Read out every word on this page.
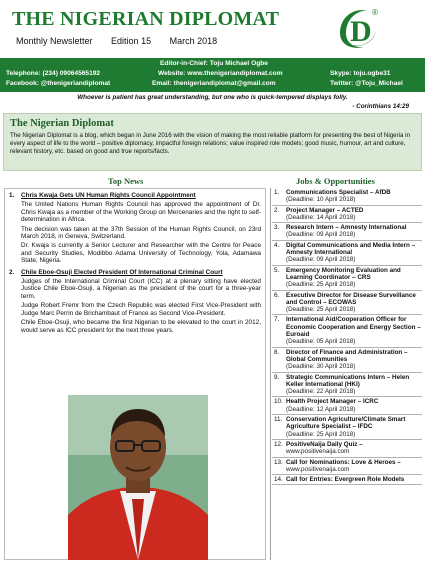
THE NIGERIAN DIPLOMAT
Monthly Newsletter Edition 15 March 2018	D
®
Editor-in-Chief: Toju Michael Ogbe
Telephone: (234) 09064565192	Website: www.thenigeriandiplomat.com	Skype: toju.ogbe31
Facebook: @thenigeriandiplomat	Email: thenigeriandiplomat@gmail.com	Twitter: @Toju_Michael
Whoever is patient has great understanding, but one who is quick-tempered displays folly.
- Corinthians 14:29
The Nigerian Diplomat
The Nigerian Diplomat is a blog, which began in June 2016 with the vision of making the most reliable platform for presenting the best of Nigeria in every aspect of life to the world – positive diplomacy, impactful foreign relations; value inspired role models; good music, humour, art and culture, relevant history, etc. based on good and true reports/facts.
Top News	Jobs & Opportunities
1. Chris Kwaja Gets UN Human Rights Council Appointment
The United Nations Human Rights Council has approved the appointment of Dr. Chris Kwaja as a member of the Working Group on Mercenaries and the right to self-determination in Africa.
The decision was taken at the 37th Session of the Human Rights Council, on 23rd March 2018, in Geneva, Switzerland.
Dr. Kwaja is currently a Senior Lecturer and Researcher with the Centre for Peace and Security Studies, Modibbo Adama University of Technology, Yola, Adamawa State, Nigeria.
2. Chile Eboe-Osuji Elected President Of International Criminal Court
Judges of the International Criminal Court (ICC) at a plenary sitting have elected Justice Chile Eboe-Osuji, a Nigerian as the president of the court for a three-year term.
Judge Robert Fremr from the Czech Republic was elected First Vice-President with Judge Marc Perrin de Brichambaut of France as Second Vice-President.
Chile Eboe-Osuji, who became the first Nigerian to be elevated to the court in 2012, would serve as ICC president for the next three years.
1. Communications Specialist – AfDB
(Deadline: 10 April 2018)
2. Project Manager – ACTED
(Deadline: 14 April 2018)
3. Research Intern – Amnesty International
(Deadline: 09 April 2018)
4. Digital Communications and Media Intern – Amnesty International
(Deadline: 09 April 2018)
5. Emergency Monitoring Evaluation and Learning Coordinator – CRS
(Deadline: 25 April 2018)
6. Executive Director for Disease Surveillance and Control – ECOWAS
(Deadline: 25 April 2018)
7. International Aid/Cooperation Officer for Economic Cooperation and Energy Section – Euroaid
(Deadline: 05 April 2018)
8. Director of Finance and Administration – Global Communities
(Deadline: 30 April 2018)
9. Strategic Communications Intern – Helen Keller International (HKI)
(Deadline: 22 April 2018)
10. Health Project Manager – ICRC
(Deadline: 12 April 2018)
11. Conservation Agriculture/Climate Smart Agriculture Specialist – IFDC
(Deadline: 25 April 2018)
12. PositiveNaija Daily Quiz –
www.positivenaija.com
13. Call for Nominations: Love & Heroes –
www.positivenaija.com
14. Call for Entries: Evergreen Role Models
